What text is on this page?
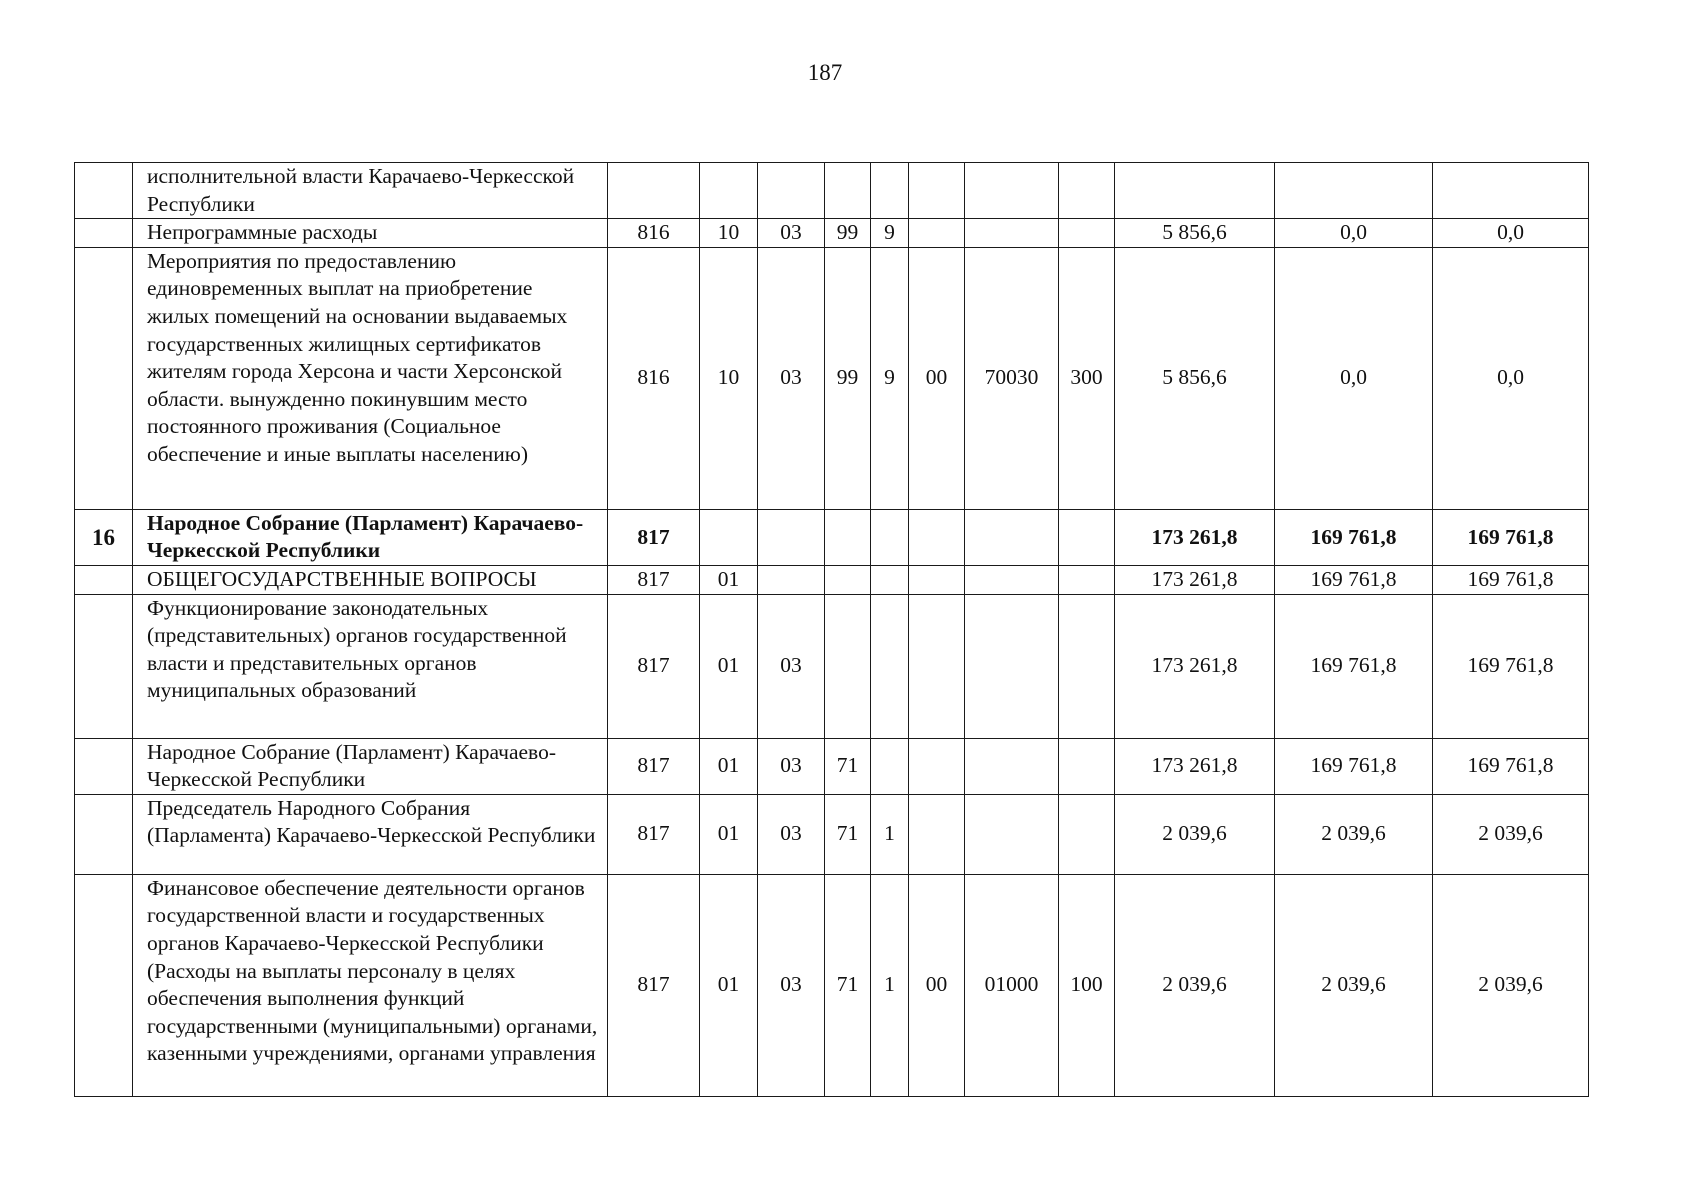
187
	исполнительной власти Карачаево-Черкесской Республики											
	Непрограммные расходы	816	10	03	99	9				5 856,6	0,0	0,0
	Мероприятия по предоставлению единовременных выплат на приобретение жилых помещений на основании выдаваемых государственных жилищных сертификатов жителям города Херсона и части Херсонской области. вынужденно покинувшим место постоянного проживания (Социальное обеспечение и иные выплаты населению)	816	10	03	99	9	00	70030	300	5 856,6	0,0	0,0
16	Народное Собрание (Парламент) Карачаево-Черкесской Республики	817								173 261,8	169 761,8	169 761,8
	ОБЩЕГОСУДАРСТВЕННЫЕ ВОПРОСЫ	817	01							173 261,8	169 761,8	169 761,8
	Функционирование законодательных (представительных) органов государственной власти и представительных органов муниципальных образований	817	01	03						173 261,8	169 761,8	169 761,8
	Народное Собрание (Парламент) Карачаево-Черкесской Республики	817	01	03	71					173 261,8	169 761,8	169 761,8
	Председатель Народного Собрания (Парламента) Карачаево-Черкесской Республики	817	01	03	71	1				2 039,6	2 039,6	2 039,6
	Финансовое обеспечение деятельности органов государственной власти и государственных органов Карачаево-Черкесской Республики (Расходы на выплаты персоналу в целях обеспечения выполнения функций государственными (муниципальными) органами, казенными учреждениями, органами управления	817	01	03	71	1	00	01000	100	2 039,6	2 039,6	2 039,6
